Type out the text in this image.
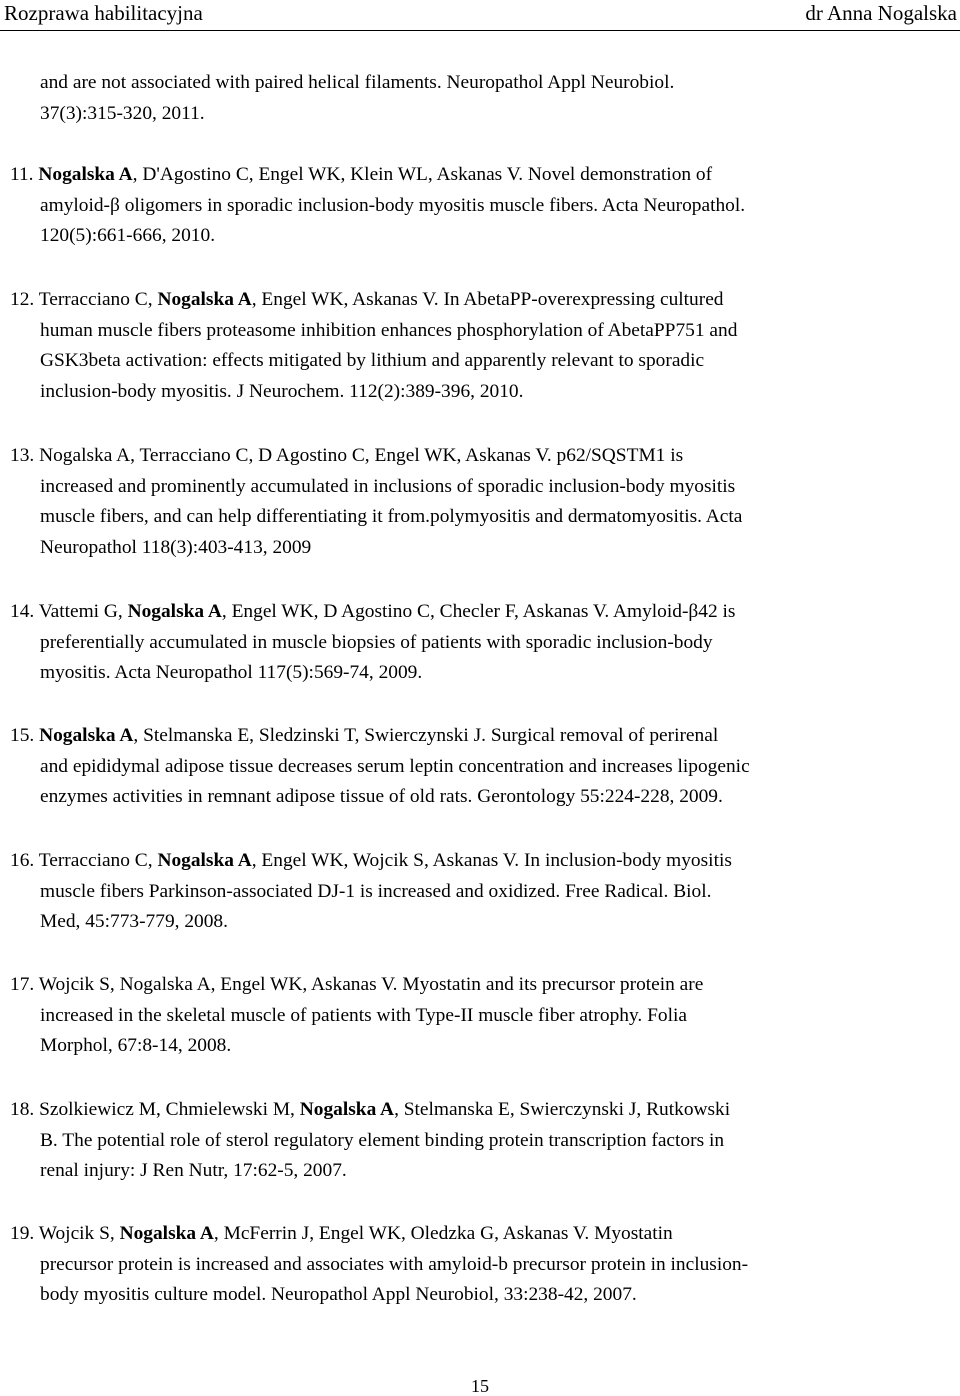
Rozprawa habilitacyjna	dr Anna Nogalska
and are not associated with paired helical filaments. Neuropathol Appl Neurobiol.
37(3):315-320, 2011.
11. Nogalska A, D'Agostino C, Engel WK, Klein WL, Askanas V. Novel demonstration of
amyloid-β oligomers in sporadic inclusion-body myositis muscle fibers. Acta Neuropathol.
120(5):661-666, 2010.
12. Terracciano C, Nogalska A, Engel WK, Askanas V. In AbetaPP-overexpressing cultured
human muscle fibers proteasome inhibition enhances phosphorylation of AbetaPP751 and
GSK3beta activation: effects mitigated by lithium and apparently relevant to sporadic
inclusion-body myositis. J Neurochem. 112(2):389-396, 2010.
13. Nogalska A, Terracciano C, D Agostino C, Engel WK, Askanas V. p62/SQSTM1 is
increased and prominently accumulated in inclusions of sporadic inclusion-body myositis
muscle fibers, and can help differentiating it from.polymyositis and dermatomyositis. Acta
Neuropathol 118(3):403-413, 2009
14. Vattemi G, Nogalska A, Engel WK, D Agostino C, Checler F, Askanas V. Amyloid-β42 is
preferentially accumulated in muscle biopsies of patients with sporadic inclusion-body
myositis. Acta Neuropathol 117(5):569-74, 2009.
15. Nogalska A, Stelmanska E, Sledzinski T, Swierczynski J. Surgical removal of perirenal
and epididymal adipose tissue decreases serum leptin concentration and increases lipogenic
enzymes activities in remnant adipose tissue of old rats. Gerontology 55:224-228, 2009.
16. Terracciano C, Nogalska A, Engel WK, Wojcik S, Askanas V. In inclusion-body myositis
muscle fibers Parkinson-associated DJ-1 is increased and oxidized. Free Radical. Biol.
Med, 45:773-779, 2008.
17. Wojcik S, Nogalska A, Engel WK, Askanas V. Myostatin and its precursor protein are
increased in the skeletal muscle of patients with Type-II muscle fiber atrophy. Folia
Morphol, 67:8-14, 2008.
18. Szolkiewicz M, Chmielewski M, Nogalska A, Stelmanska E, Swierczynski J, Rutkowski
B. The potential role of sterol regulatory element binding protein transcription factors in
renal injury: J Ren Nutr, 17:62-5, 2007.
19. Wojcik S, Nogalska A, McFerrin J, Engel WK, Oledzka G, Askanas V. Myostatin
precursor protein is increased and associates with amyloid-b precursor protein in inclusion-
body myositis culture model. Neuropathol Appl Neurobiol, 33:238-42, 2007.
15
